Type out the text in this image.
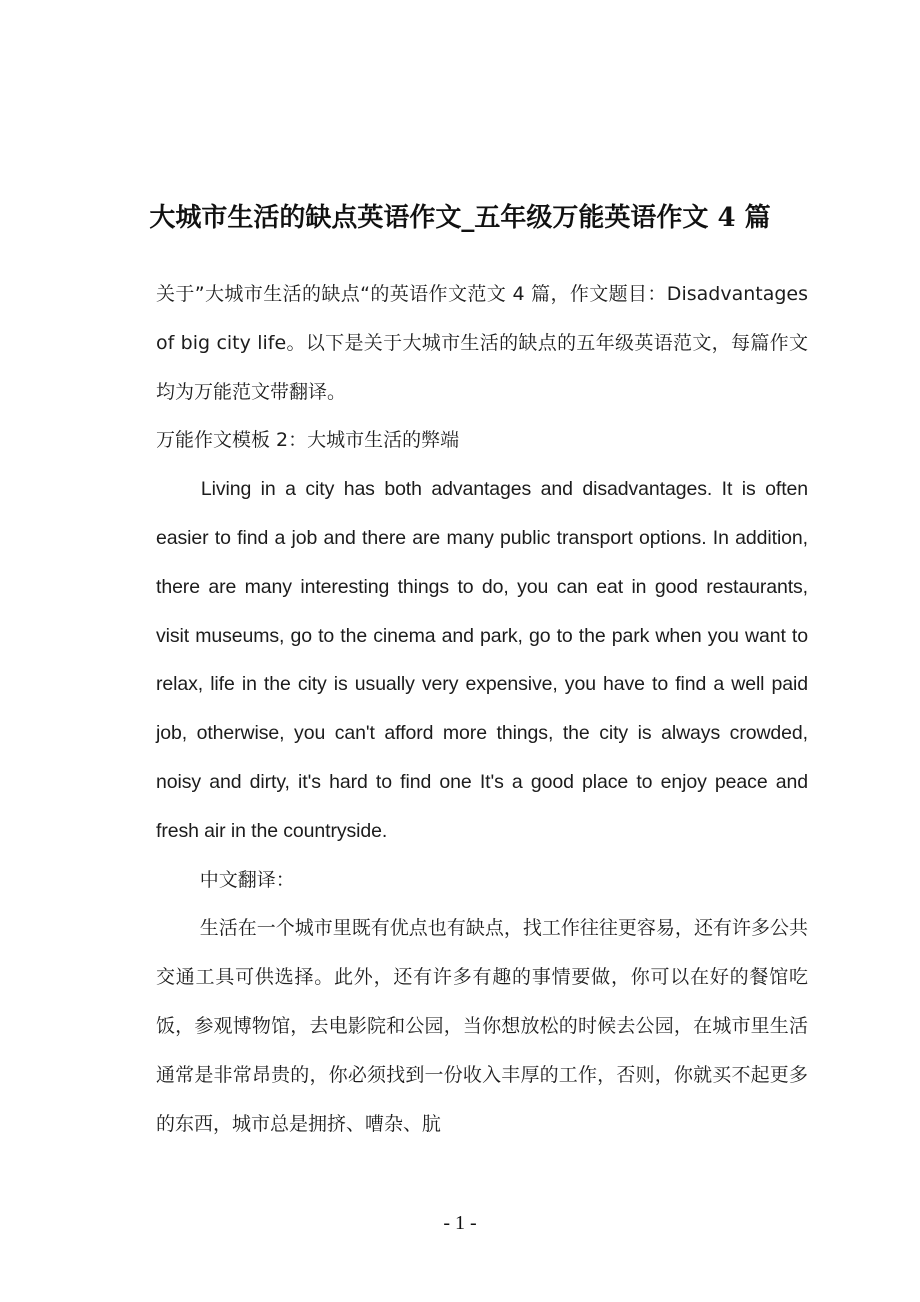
大城市生活的缺点英语作文_五年级万能英语作文 4 篇

关于”大城市生活的缺点“的英语作文范文 4 篇，作文题目：Disadvantages of big city life。以下是关于大城市生活的缺点的五年级英语范文，每篇作文均为万能范文带翻译。

万能作文模板 2：大城市生活的弊端

Living in a city has both advantages and disadvantages. It is often easier to find a job and there are many public transport options. In addition, there are many interesting things to do, you can eat in good restaurants, visit museums, go to the cinema and park, go to the park when you want to relax, life in the city is usually very expensive, you have to find a well paid job, otherwise, you can't afford more things, the city is always crowded, noisy and dirty, it's hard to find one It's a good place to enjoy peace and fresh air in the countryside.

中文翻译：

生活在一个城市里既有优点也有缺点，找工作往往更容易，还有许多公共交通工具可供选择。此外，还有许多有趣的事情要做，你可以在好的餐馆吃饭，参观博物馆，去电影院和公园，当你想放松的时候去公园，在城市里生活通常是非常昂贵的，你必须找到一份收入丰厚的工作，否则，你就买不起更多的东西，城市总是拥挤、嘈杂、肮

- 1 -
